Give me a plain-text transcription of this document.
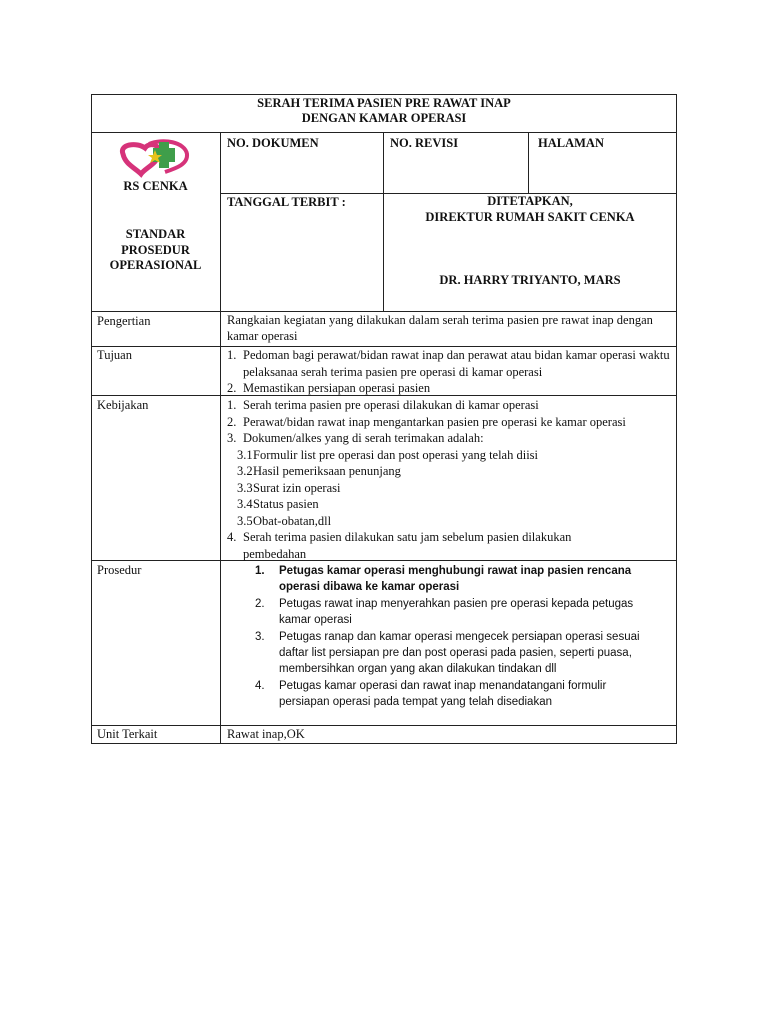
SERAH TERIMA PASIEN PRE RAWAT INAP
DENGAN KAMAR OPERASI
RS CENKA
NO. DOKUMEN	NO. REVISI	HALAMAN
STANDAR
PROSEDUR
OPERASIONAL
TANGGAL TERBIT :	DITETAPKAN,
DIREKTUR RUMAH SAKIT CENKA
DR. HARRY TRIYANTO, MARS
Pengertian	Rangkaian kegiatan yang dilakukan dalam serah terima pasien pre rawat inap dengan kamar operasi
Tujuan	1. Pedoman bagi perawat/bidan rawat inap dan perawat atau bidan kamar operasi waktu pelaksanaa serah terima pasien pre operasi di kamar operasi
2. Memastikan persiapan operasi pasien
Kebijakan	1. Serah terima pasien pre operasi dilakukan di kamar operasi
2. Perawat/bidan rawat inap mengantarkan pasien pre operasi ke kamar operasi
3. Dokumen/alkes yang di serah terimakan adalah:
3.1 Formulir list pre operasi dan post operasi yang telah diisi
3.2 Hasil pemeriksaan penunjang
3.3 Surat izin operasi
3.4 Status pasien
3.5 Obat-obatan,dll
4. Serah terima pasien dilakukan satu jam sebelum pasien dilakukan pembedahan
Prosedur	1. Petugas kamar operasi menghubungi rawat inap pasien rencana operasi dibawa ke kamar operasi
2. Petugas rawat inap menyerahkan pasien pre operasi kepada petugas kamar operasi
3. Petugas ranap dan kamar operasi mengecek persiapan operasi sesuai daftar list persiapan pre dan post operasi pada pasien, seperti puasa, membersihkan organ yang akan dilakukan tindakan dll
4. Petugas kamar operasi dan rawat inap menandatangani formulir persiapan operasi pada tempat yang telah disediakan
Unit Terkait	Rawat inap,OK
